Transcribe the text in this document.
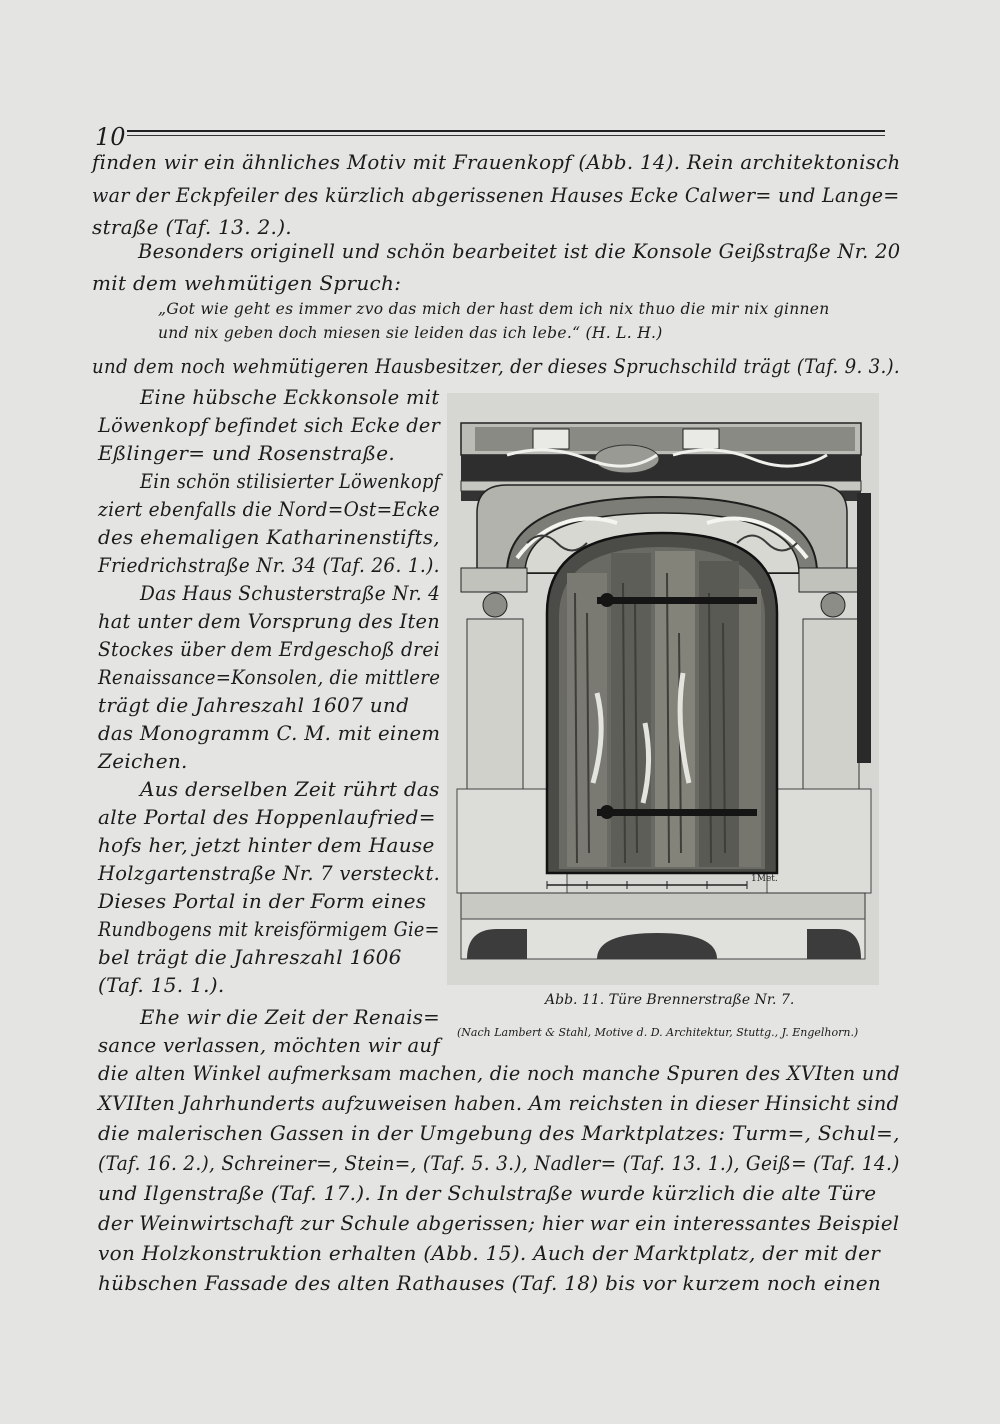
10
finden wir ein ähnliches Motiv mit Frauenkopf (Abb. 14). Rein architektonisch
war der Eckpfeiler des kürzlich abgerissenen Hauses Ecke Calwer= und Lange=
straße (Taf. 13. 2.).
Besonders originell und schön bearbeitet ist die Konsole Geißstraße Nr. 20
mit dem wehmütigen Spruch:
„Got wie geht es immer zvo das mich der hast dem ich nix thuo die mir nix ginnen
und nix geben doch miesen sie leiden das ich lebe.“ (H. L. H.)
und dem noch wehmütigeren Hausbesitzer, der dieses Spruchschild trägt (Taf. 9. 3.).
Eine hübsche Eckkonsole mit
Löwenkopf befindet sich Ecke der
Eßlinger= und Rosenstraße.
Ein schön stilisierter Löwenkopf
ziert ebenfalls die Nord=Ost=Ecke
des ehemaligen Katharinenstifts,
Friedrichstraße Nr. 34 (Taf. 26. 1.).
Das Haus Schusterstraße Nr. 4
hat unter dem Vorsprung des Iten
Stockes über dem Erdgeschoß drei
Renaissance=Konsolen, die mittlere
trägt die Jahreszahl 1607 und
das Monogramm C. M. mit einem
Zeichen.
Aus derselben Zeit rührt das
alte Portal des Hoppenlaufried=
hofs her, jetzt hinter dem Hause
Holzgartenstraße Nr. 7 versteckt.
Dieses Portal in der Form eines
Rundbogens mit kreisförmigem Gie=
bel trägt die Jahreszahl 1606
(Taf. 15. 1.).
Ehe wir die Zeit der Renais=
sance verlassen, möchten wir auf
1Met.
Abb. 11. Türe Brennerstraße Nr. 7.
(Nach Lambert & Stahl, Motive d. D. Architektur, Stuttg., J. Engelhorn.)
die alten Winkel aufmerksam machen, die noch manche Spuren des XVIten und
XVIIten Jahrhunderts aufzuweisen haben. Am reichsten in dieser Hinsicht sind
die malerischen Gassen in der Umgebung des Marktplatzes: Turm=, Schul=,
(Taf. 16. 2.), Schreiner=, Stein=, (Taf. 5. 3.), Nadler= (Taf. 13. 1.), Geiß= (Taf. 14.)
und Ilgenstraße (Taf. 17.). In der Schulstraße wurde kürzlich die alte Türe
der Weinwirtschaft zur Schule abgerissen; hier war ein interessantes Beispiel
von Holzkonstruktion erhalten (Abb. 15). Auch der Marktplatz, der mit der
hübschen Fassade des alten Rathauses (Taf. 18) bis vor kurzem noch einen
